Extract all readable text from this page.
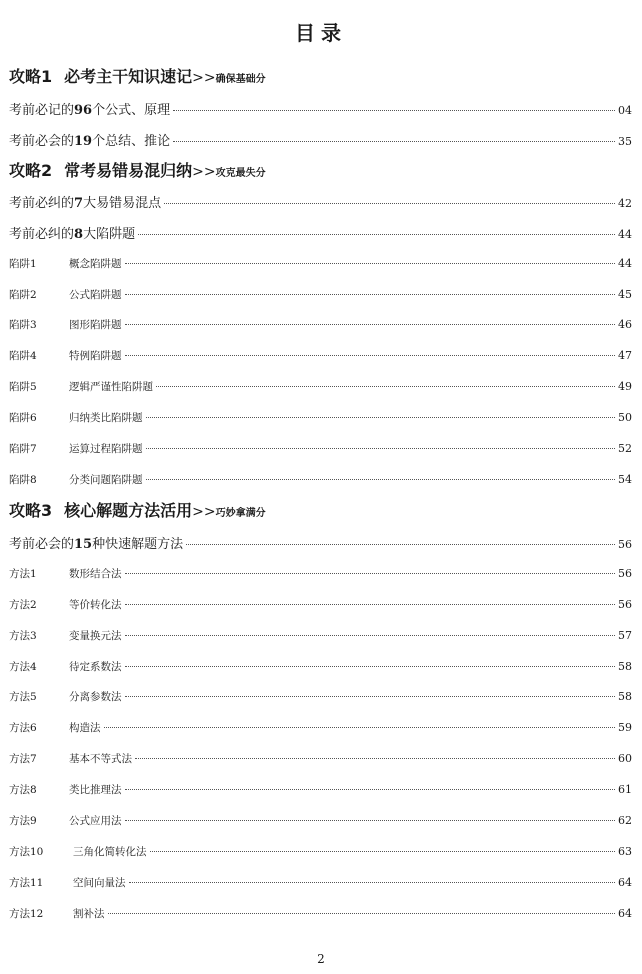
目录
攻略1 必考主干知识速记>>确保基础分
考前必记的96个公式、原理	04
考前必会的19个总结、推论	35
攻略2 常考易错易混归纳>>攻克最失分
考前必纠的7大易错易混点	42
考前必纠的8大陷阱题	44
陷阱1	概念陷阱题	44
陷阱2	公式陷阱题	45
陷阱3	图形陷阱题	46
陷阱4	特例陷阱题	47
陷阱5	逻辑严谨性陷阱题	49
陷阱6	归纳类比陷阱题	50
陷阱7	运算过程陷阱题	52
陷阱8	分类问题陷阱题	54
攻略3 核心解题方法活用>>巧妙拿满分
考前必会的15种快速解题方法	56
方法1	数形结合法	56
方法2	等价转化法	56
方法3	变量换元法	57
方法4	待定系数法	58
方法5	分离参数法	58
方法6	构造法	59
方法7	基本不等式法	60
方法8	类比推理法	61
方法9	公式应用法	62
方法10	三角化简转化法	63
方法11	空间向量法	64
方法12	割补法	64
2
